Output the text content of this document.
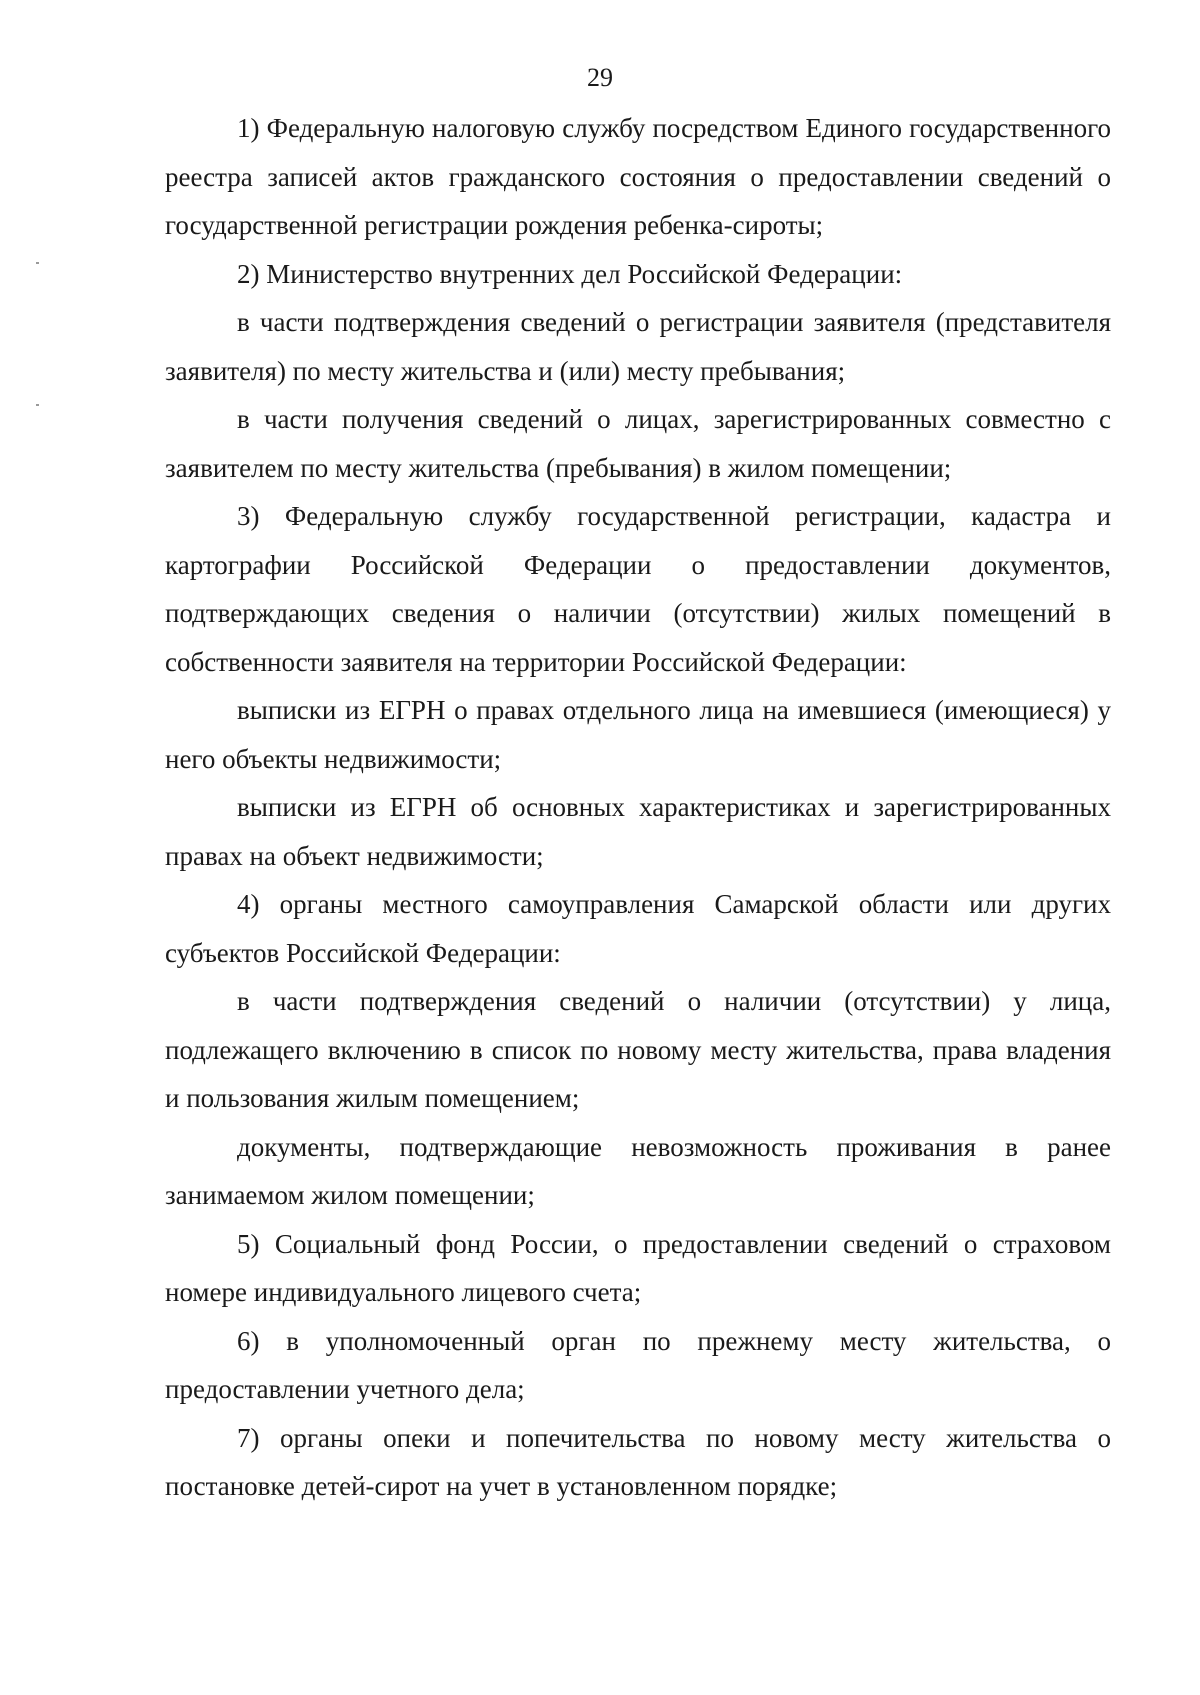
29

1) Федеральную налоговую службу посредством Единого государственного реестра записей актов гражданского состояния о предоставлении сведений о государственной регистрации рождения ребенка-сироты;

2) Министерство внутренних дел Российской Федерации:

в части подтверждения сведений о регистрации заявителя (представителя заявителя) по месту жительства и (или) месту пребывания;

в части получения сведений о лицах, зарегистрированных совместно с заявителем по месту жительства (пребывания) в жилом помещении;

3) Федеральную службу государственной регистрации, кадастра и картографии Российской Федерации о предоставлении документов, подтверждающих сведения о наличии (отсутствии) жилых помещений в собственности заявителя на территории Российской Федерации:

выписки из ЕГРН о правах отдельного лица на имевшиеся (имеющиеся) у него объекты недвижимости;

выписки из ЕГРН об основных характеристиках и зарегистрированных правах на объект недвижимости;

4) органы местного самоуправления Самарской области или других субъектов Российской Федерации:

в части подтверждения сведений о наличии (отсутствии) у лица, подлежащего включению в список по новому месту жительства, права владения и пользования жилым помещением;

документы, подтверждающие невозможность проживания в ранее занимаемом жилом помещении;

5) Социальный фонд России, о предоставлении сведений о страховом номере индивидуального лицевого счета;

6) в уполномоченный орган по прежнему месту жительства, о предоставлении учетного дела;

7) органы опеки и попечительства по новому месту жительства о постановке детей-сирот на учет в установленном порядке;
